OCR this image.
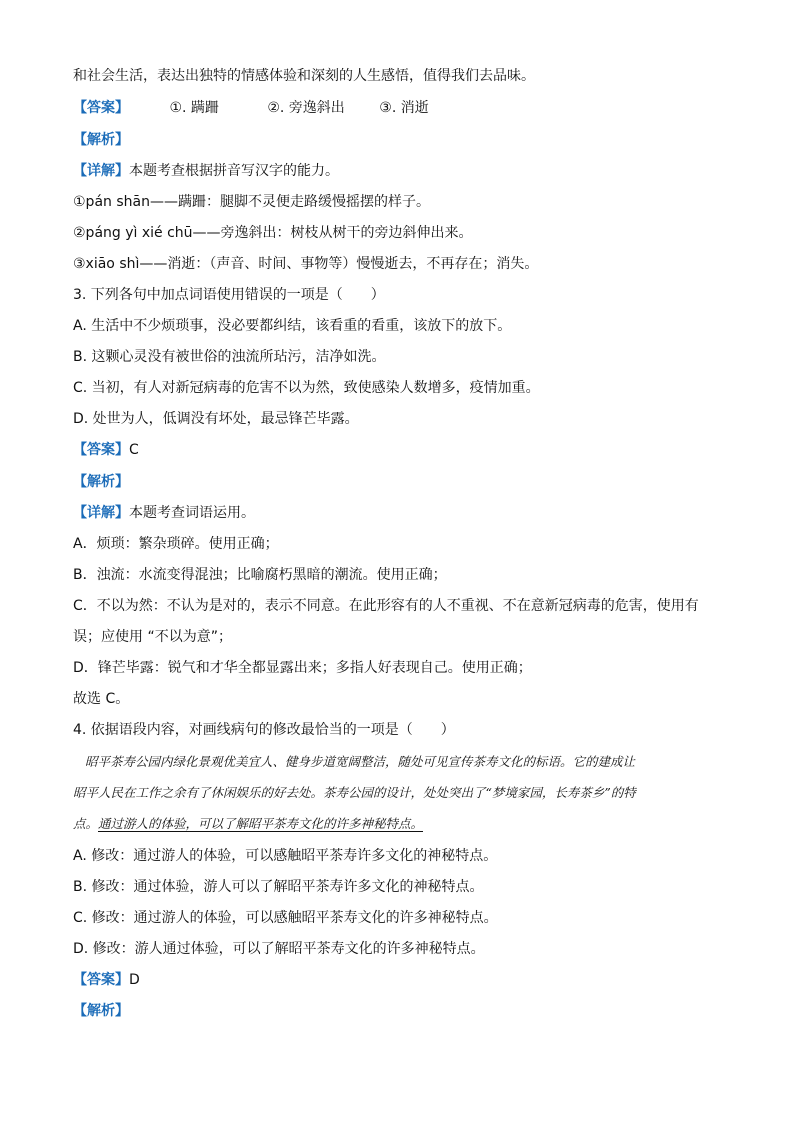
和社会生活，表达出独特的情感体验和深刻的人生感悟，值得我们去品味。
【答案】	①. 蹒跚	②. 旁逸斜出 ③. 消逝
【解析】
【详解】本题考查根据拼音写汉字的能力。
①pán shān——蹒跚：腿脚不灵便走路缓慢摇摆的样子。
②páng yì xié chū——旁逸斜出：树枝从树干的旁边斜伸出来。
③xiāo shì——消逝：（声音、时间、事物等）慢慢逝去，不再存在；消失。
3. 下列各句中加点词语使用错误的一项是（　　）
A. 生活中不少烦琐事，没必要都纠结，该看重的看重，该放下的放下。
B. 这颗心灵没有被世俗的浊流所玷污，洁净如洗。
C. 当初，有人对新冠病毒的危害不以为然，致使感染人数增多，疫情加重。
D. 处世为人，低调没有坏处，最忌锋芒毕露。
【答案】C
【解析】
【详解】本题考查词语运用。
A．烦琐：繁杂琐碎。使用正确；
B．浊流：水流变得混浊；比喻腐朽黑暗的潮流。使用正确；
C．不以为然：不认为是对的，表示不同意。在此形容有的人不重视、不在意新冠病毒的危害，使用有
误；应使用 “不以为意”；
D．锋芒毕露：锐气和才华全都显露出来；多指人好表现自己。使用正确；
故选 C。
4. 依据语段内容，对画线病句的修改最恰当的一项是（　　）
昭平茶寿公园内绿化景观优美宜人、健身步道宽阔整洁，随处可见宣传茶寿文化的标语。它的建成让
昭平人民在工作之余有了休闲娱乐的好去处。茶寿公园的设计，处处突出了“梦境家园，长寿茶乡”的特
点。通过游人的体验，可以了解昭平茶寿文化的许多神秘特点。
A. 修改：通过游人的体验，可以感触昭平茶寿许多文化的神秘特点。
B. 修改：通过体验，游人可以了解昭平茶寿许多文化的神秘特点。
C. 修改：通过游人的体验，可以感触昭平茶寿文化的许多神秘特点。
D. 修改：游人通过体验，可以了解昭平茶寿文化的许多神秘特点。
【答案】D
【解析】
